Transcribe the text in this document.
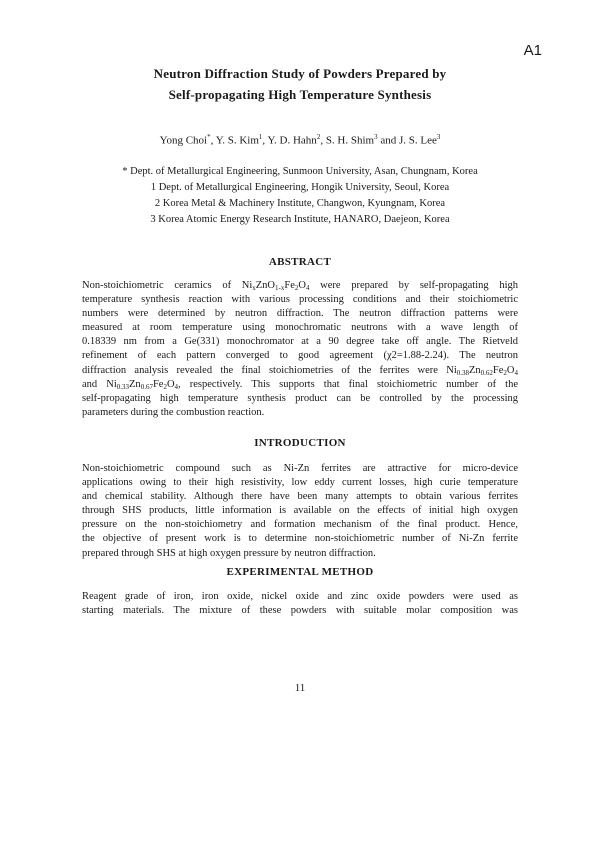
A1
Neutron Diffraction Study of Powders Prepared by
Self-propagating High Temperature Synthesis
Yong Choi*, Y. S. Kim$^1$, Y. D. Hahn$^2$, S. H. Shim$^3$ and J. S. Lee$^3$
* Dept. of Metallurgical Engineering, Sunmoon University, Asan, Chungnam, Korea
1 Dept. of Metallurgical Engineering, Hongik University, Seoul, Korea
2 Korea Metal & Machinery Institute, Changwon, Kyungnam, Korea
3 Korea Atomic Energy Research Institute, HANARO, Daejeon, Korea
ABSTRACT
Non-stoichiometric ceramics of $Ni_xZnO_{1-x}Fe_2O_4$ were prepared by self-propagating high
temperature synthesis reaction with various processing conditions and their stoichiometric
numbers were determined by neutron diffraction. The neutron diffraction patterns were
measured at room temperature using monochromatic neutrons with a wave length of
0.18339 nm from a Ge(331) monochromator at a 90 degree take off angle. The Rietveld
refinement of each pattern converged to good agreement (χ2=1.88-2.24). The neutron
diffraction analysis revealed the final stoichiometries of the ferrites were $Ni_{0.38}Zn_{0.62}Fe_2O_4$
and $Ni_{0.33}Zn_{0.67}Fe_2O_4$, respectively. This supports that final stoichiometric number of the
self-propagating high temperature synthesis product can be controlled by the processing
parameters during the combustion reaction.
INTRODUCTION
Non-stoichiometric compound such as Ni-Zn ferrites are attractive for micro-device
applications owing to their high resistivity, low eddy current losses, high curie temperature
and chemical stability. Although there have been many attempts to obtain various ferrites
through SHS products, little information is available on the effects of initial high oxygen
pressure on the non-stoichiometry and formation mechanism of the final product. Hence,
the objective of present work is to determine non-stoichiometric number of Ni-Zn ferrite
prepared through SHS at high oxygen pressure by neutron diffraction.
EXPERIMENTAL METHOD
Reagent grade of iron, iron oxide, nickel oxide and zinc oxide powders were used as
starting materials. The mixture of these powders with suitable molar composition was
11
